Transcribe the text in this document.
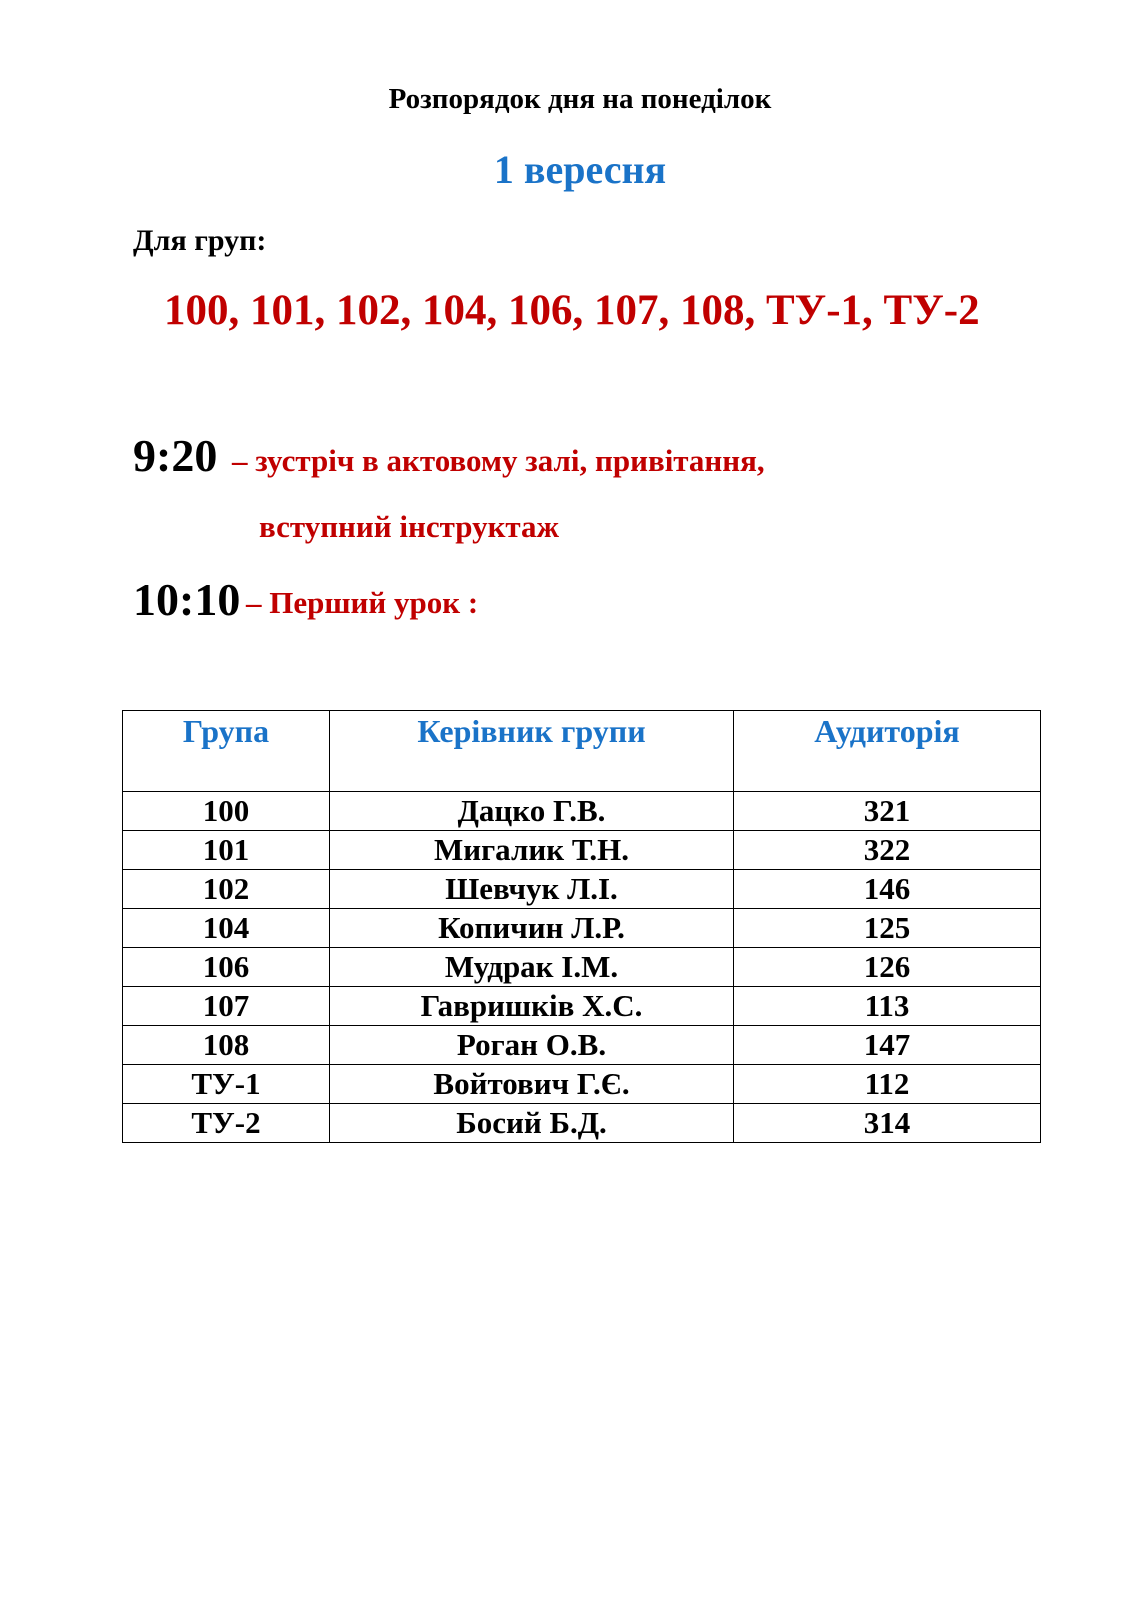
Розпорядок дня на понеділок

1 вересня

Для груп:

100, 101, 102, 104, 106, 107, 108, ТУ-1, ТУ-2

9:20 – зустріч в актовому залі, привітання,

вступний інструктаж

10:10 – Перший урок :

Група	Керівник групи	Аудиторія
100	Дацко Г.В.	321
101	Мигалик Т.Н.	322
102	Шевчук Л.І.	146
104	Копичин Л.Р.	125
106	Мудрак І.М.	126
107	Гавришків Х.С.	113
108	Роган О.В.	147
ТУ-1	Войтович Г.Є.	112
ТУ-2	Босий Б.Д.	314
